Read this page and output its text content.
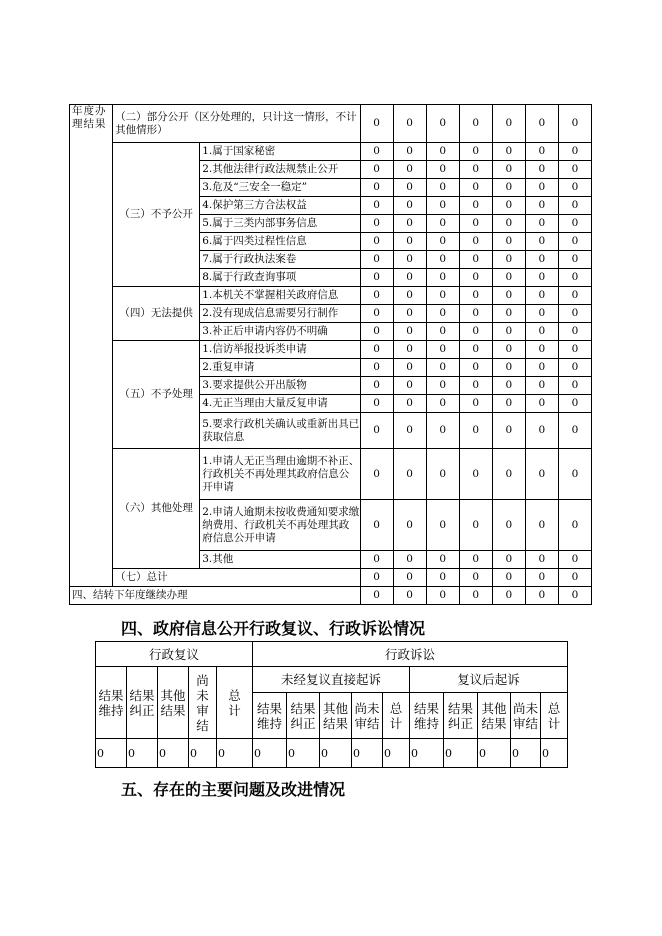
年度办理结果	（二）部分公开（区分处理的，只计这一情形，不计其他情形）		0	0	0	0	0	0	0
	（三）不予公开	1.属于国家秘密	0	0	0	0	0	0	0
		2.其他法律行政法规禁止公开	0	0	0	0	0	0	0
		3.危及“三安全一稳定”	0	0	0	0	0	0	0
		4.保护第三方合法权益	0	0	0	0	0	0	0
		5.属于三类内部事务信息	0	0	0	0	0	0	0
		6.属于四类过程性信息	0	0	0	0	0	0	0
		7.属于行政执法案卷	0	0	0	0	0	0	0
		8.属于行政查询事项	0	0	0	0	0	0	0
	（四）无法提供	1.本机关不掌握相关政府信息	0	0	0	0	0	0	0
		2.没有现成信息需要另行制作	0	0	0	0	0	0	0
		3.补正后申请内容仍不明确	0	0	0	0	0	0	0
	（五）不予处理	1.信访举报投诉类申请	0	0	0	0	0	0	0
		2.重复申请	0	0	0	0	0	0	0
		3.要求提供公开出版物	0	0	0	0	0	0	0
		4.无正当理由大量反复申请	0	0	0	0	0	0	0
		5.要求行政机关确认或重新出具已获取信息	0	0	0	0	0	0	0
	（六）其他处理	1.申请人无正当理由逾期不补正、行政机关不再处理其政府信息公开申请	0	0	0	0	0	0	0
		2.申请人逾期未按收费通知要求缴纳费用、行政机关不再处理其政府信息公开申请	0	0	0	0	0	0	0
		3.其他	0	0	0	0	0	0	0
	（七）总计		0	0	0	0	0	0	0
四、结转下年度继续办理			0	0	0	0	0	0	0
四、政府信息公开行政复议、行政诉讼情况
行政复议					行政诉讼									
结果维持	结果纠正	其他结果	尚未审结	总计	未经复议直接起诉					复议后起诉				
					结果维持	结果纠正	其他结果	尚未审结	总计	结果维持	结果纠正	其他结果	尚未审结	总计
0	0	0	0	0	0	0	0	0	0	0	0	0	0	0
五、存在的主要问题及改进情况
